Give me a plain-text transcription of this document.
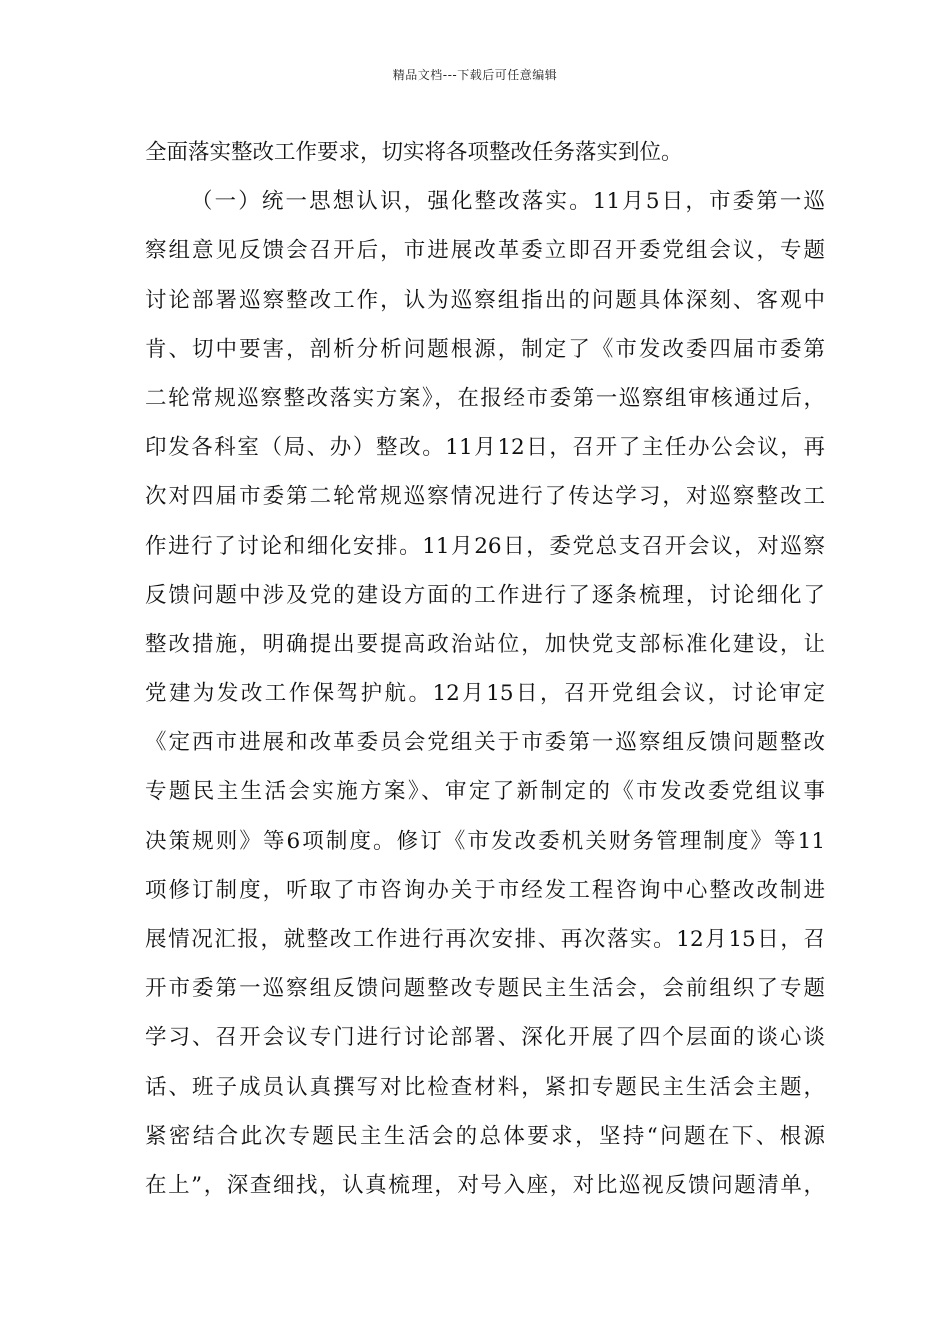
精品文档---下载后可任意编辑
全面落实整改工作要求，切实将各项整改任务落实到位。
（一）统一思想认识，强化整改落实。11月5日，市委第一巡
察组意见反馈会召开后，市进展改革委立即召开委党组会议，专题
讨论部署巡察整改工作，认为巡察组指出的问题具体深刻、客观中
肯、切中要害，剖析分析问题根源，制定了《市发改委四届市委第
二轮常规巡察整改落实方案》，在报经市委第一巡察组审核通过后，
印发各科室（局、办）整改。11月12日，召开了主任办公会议，再
次对四届市委第二轮常规巡察情况进行了传达学习，对巡察整改工
作进行了讨论和细化安排。11月26日，委党总支召开会议，对巡察
反馈问题中涉及党的建设方面的工作进行了逐条梳理，讨论细化了
整改措施，明确提出要提高政治站位，加快党支部标准化建设，让
党建为发改工作保驾护航。12月15日，召开党组会议，讨论审定
《定西市进展和改革委员会党组关于市委第一巡察组反馈问题整改
专题民主生活会实施方案》、审定了新制定的《市发改委党组议事
决策规则》等6项制度。修订《市发改委机关财务管理制度》等11
项修订制度，听取了市咨询办关于市经发工程咨询中心整改改制进
展情况汇报，就整改工作进行再次安排、再次落实。12月15日，召
开市委第一巡察组反馈问题整改专题民主生活会，会前组织了专题
学习、召开会议专门进行讨论部署、深化开展了四个层面的谈心谈
话、班子成员认真撰写对比检查材料，紧扣专题民主生活会主题，
紧密结合此次专题民主生活会的总体要求，坚持“问题在下、根源
在上”，深查细找，认真梳理，对号入座，对比巡视反馈问题清单，
